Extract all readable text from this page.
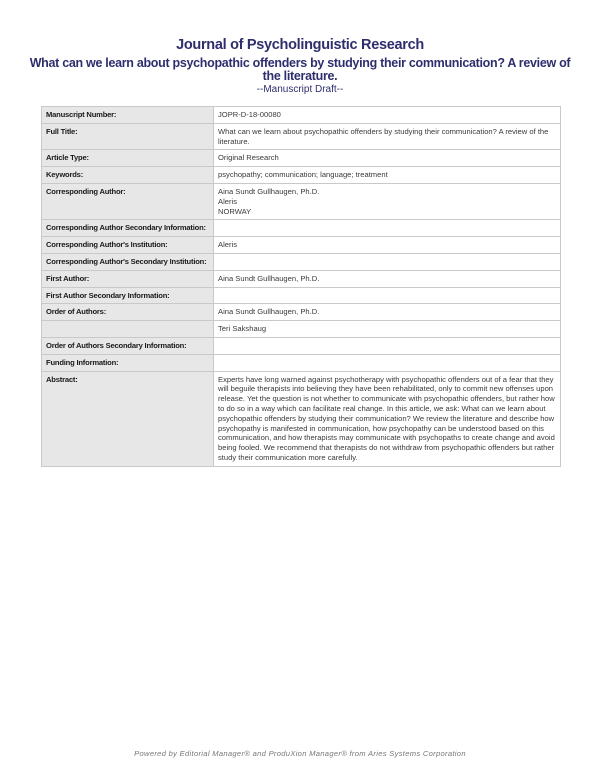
Journal of Psycholinguistic Research
What can we learn about psychopathic offenders by studying their communication? A review of the literature.
--Manuscript Draft--
Manuscript Number:	JOPR-D-18-00080

Full Title:	What can we learn about psychopathic offenders by studying their communication? A review of the literature.

Article Type:	Original Research

Keywords:	psychopathy; communication; language; treatment

Corresponding Author:	Aina Sundt Gullhaugen, Ph.D.
Aleris
NORWAY

Corresponding Author Secondary Information:	
Corresponding Author's Institution:	Aleris

Corresponding Author's Secondary Institution:	
First Author:	Aina Sundt Gullhaugen, Ph.D.

First Author Secondary Information:	
Order of Authors:	Aina Sundt Gullhaugen, Ph.D.

	Teri Sakshaug

Order of Authors Secondary Information:	
Funding Information:	
Abstract:	Experts have long warned against psychotherapy with psychopathic offenders out of a fear that they will beguile therapists into believing they have been rehabilitated, only to commit new offenses upon release. Yet the question is not whether to communicate with psychopathic offenders, but rather how to do so in a way which can facilitate real change. In this article, we ask: What can we learn about psychopathic offenders by studying their communication? We review the literature and describe how psychopathy is manifested in communication, how psychopathy can be understood based on this communication, and how therapists may communicate with psychopaths to create change and avoid being fooled. We recommend that therapists do not withdraw from psychopathic offenders but rather study their communication more carefully.
Powered by Editorial Manager® and ProduXion Manager® from Aries Systems Corporation
